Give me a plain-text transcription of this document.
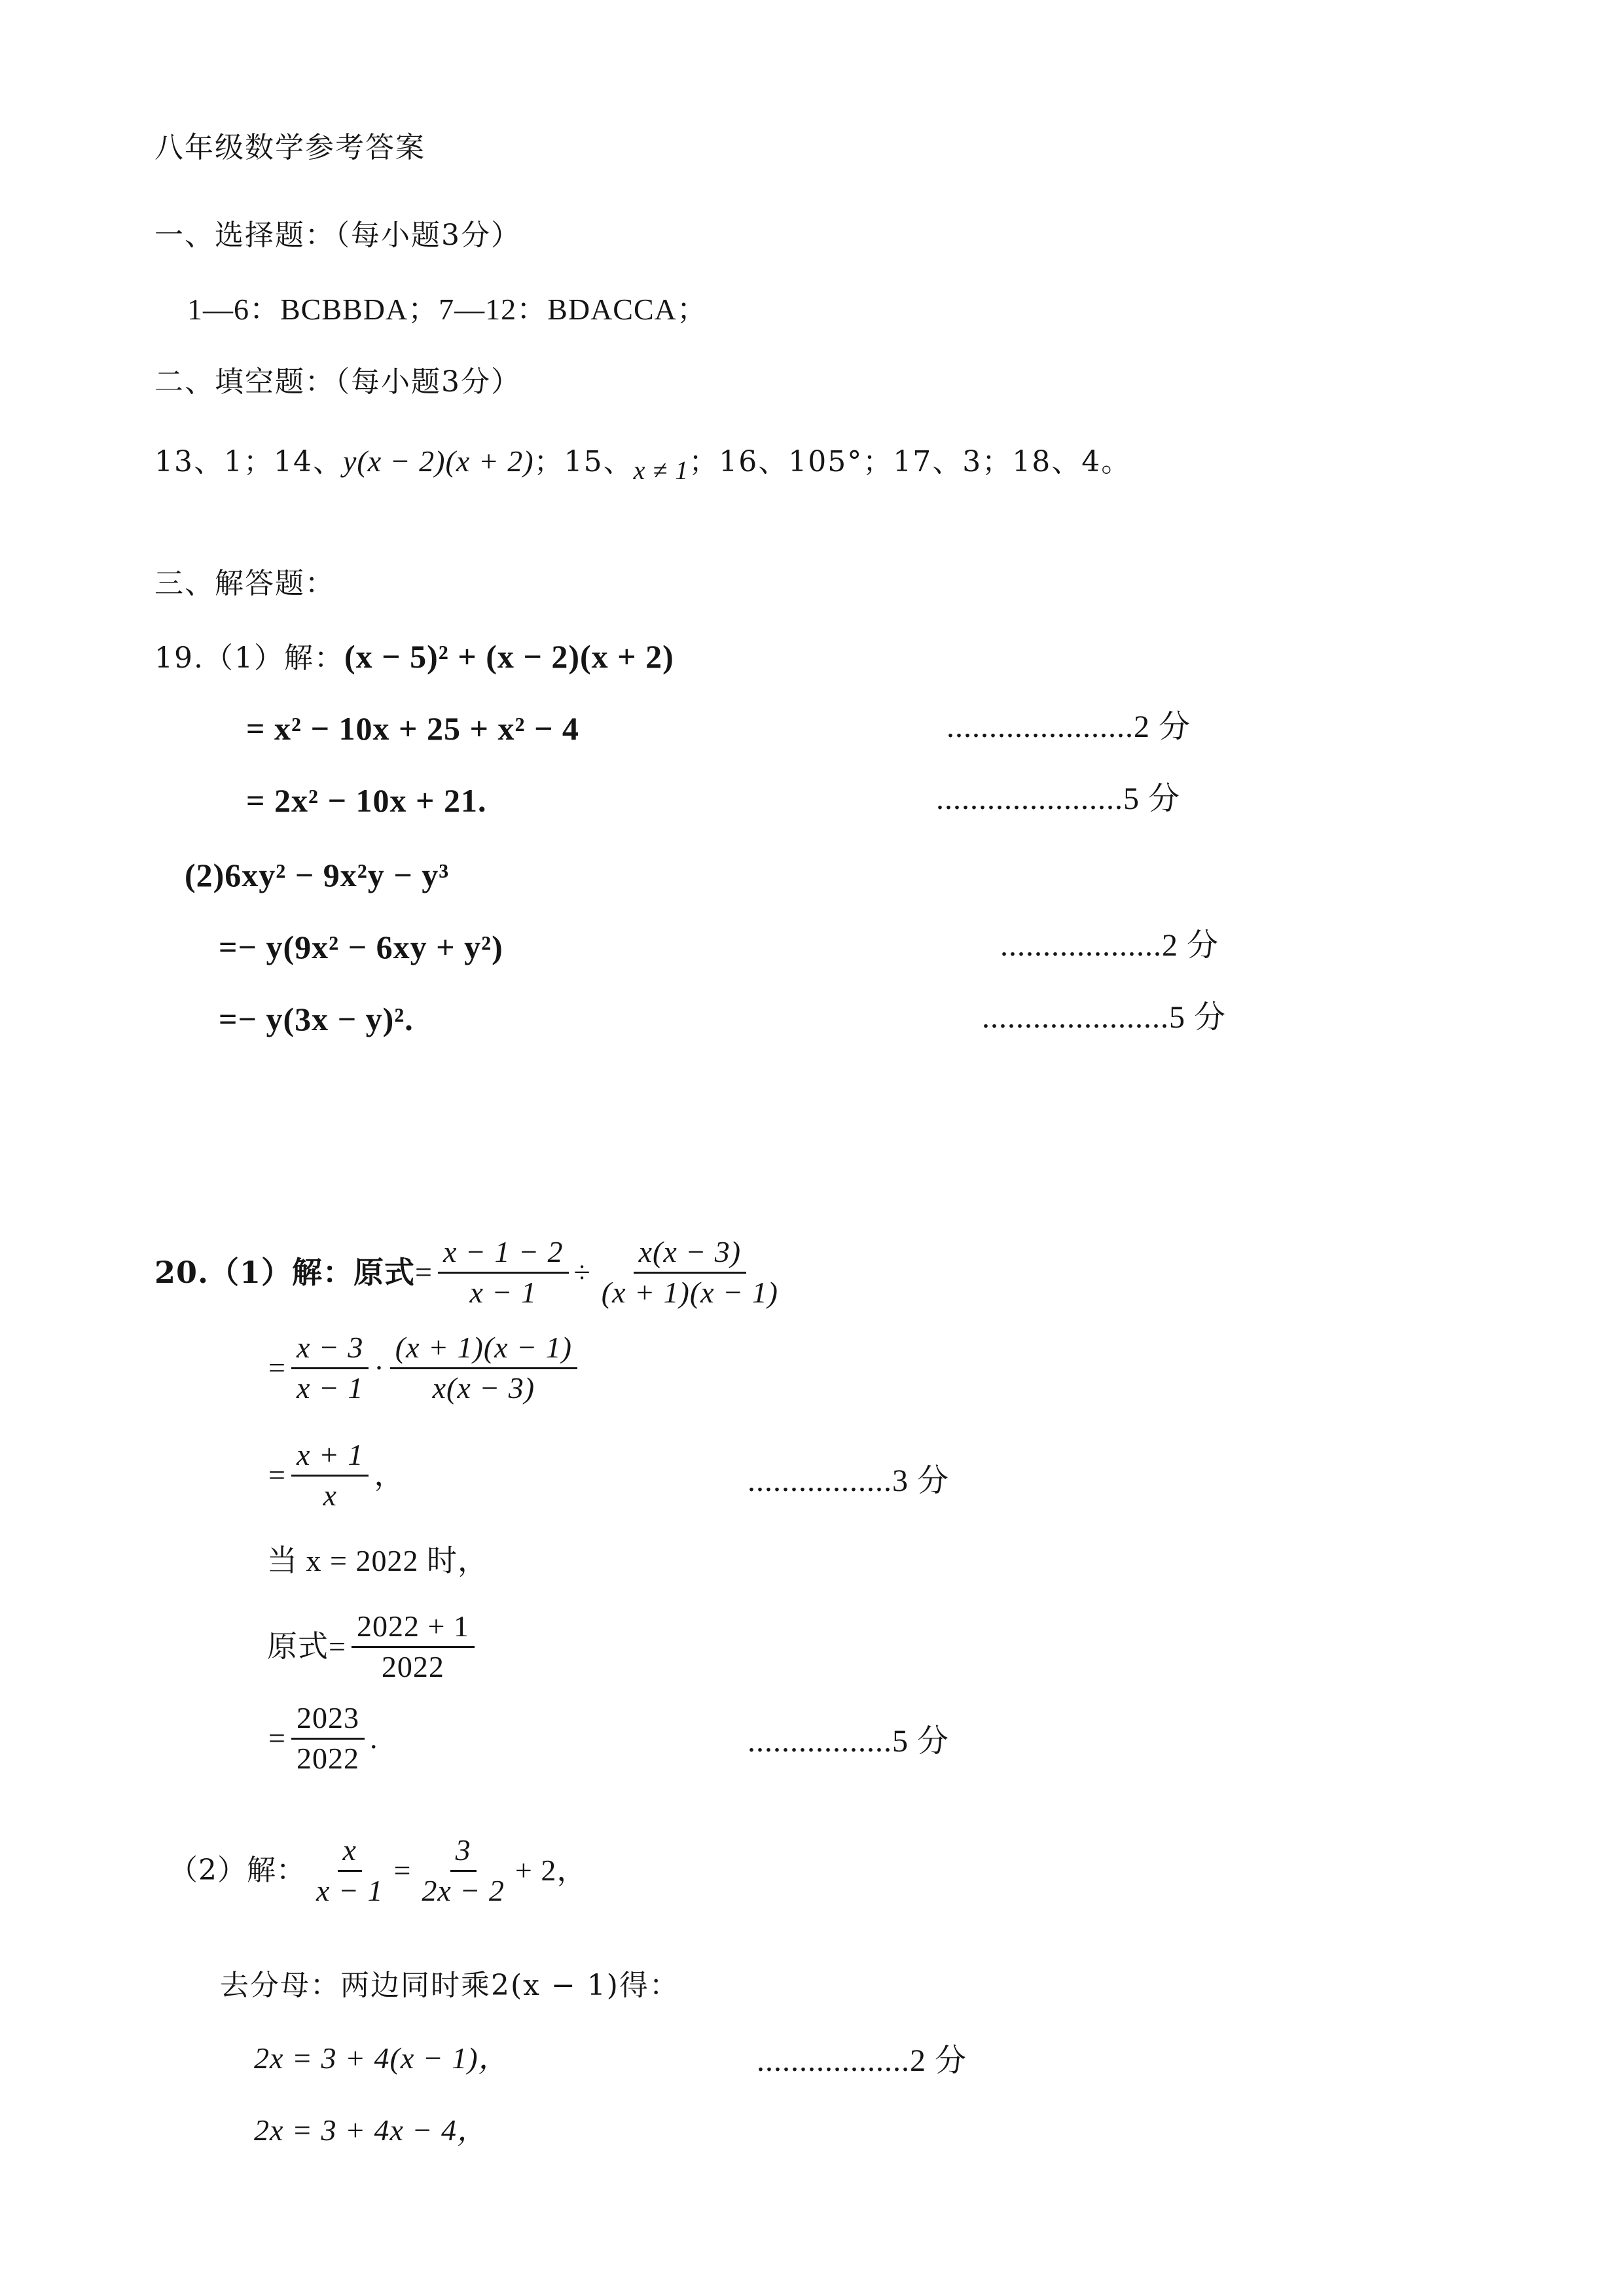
八年级数学参考答案
一、选择题：（每小题3分）
1—6：BCBBDA；7—12：BDACCA；
二、填空题：（每小题3分）
13、1；14、y(x − 2)(x + 2)；15、x ≠ 1；16、105°；17、3；18、4。
三、解答题：
19.（1）解：(x − 5)² + (x − 2)(x + 2)
= x² − 10x + 25 + x² − 4	......................2 分
= 2x² − 10x + 21.	......................5 分
(2)6xy² − 9x²y − y³
=− y(9x² − 6xy + y²)	...................2 分
=− y(3x − y)².	......................5 分
20.（1）解：原式 = $\frac{x - 1 - 2}{x - 1} \div \frac{x(x - 3)}{(x + 1)(x - 1)}$
= $\frac{x - 3}{x - 1} \cdot \frac{(x + 1)(x - 1)}{x(x - 3)}$
= $\frac{x + 1}{x}$ ，	.................3 分
当 x = 2022 时，
原式 = $\frac{2022 + 1}{2022}$
= $\frac{2023}{2022}$ .	.................5 分
（2）解： $\frac{x}{x - 1} = \frac{3}{2x - 2} + 2$，
去分母：两边同时乘2(x − 1)得：
2x = 3 + 4(x − 1)，	..................2 分
2x = 3 + 4x − 4，
